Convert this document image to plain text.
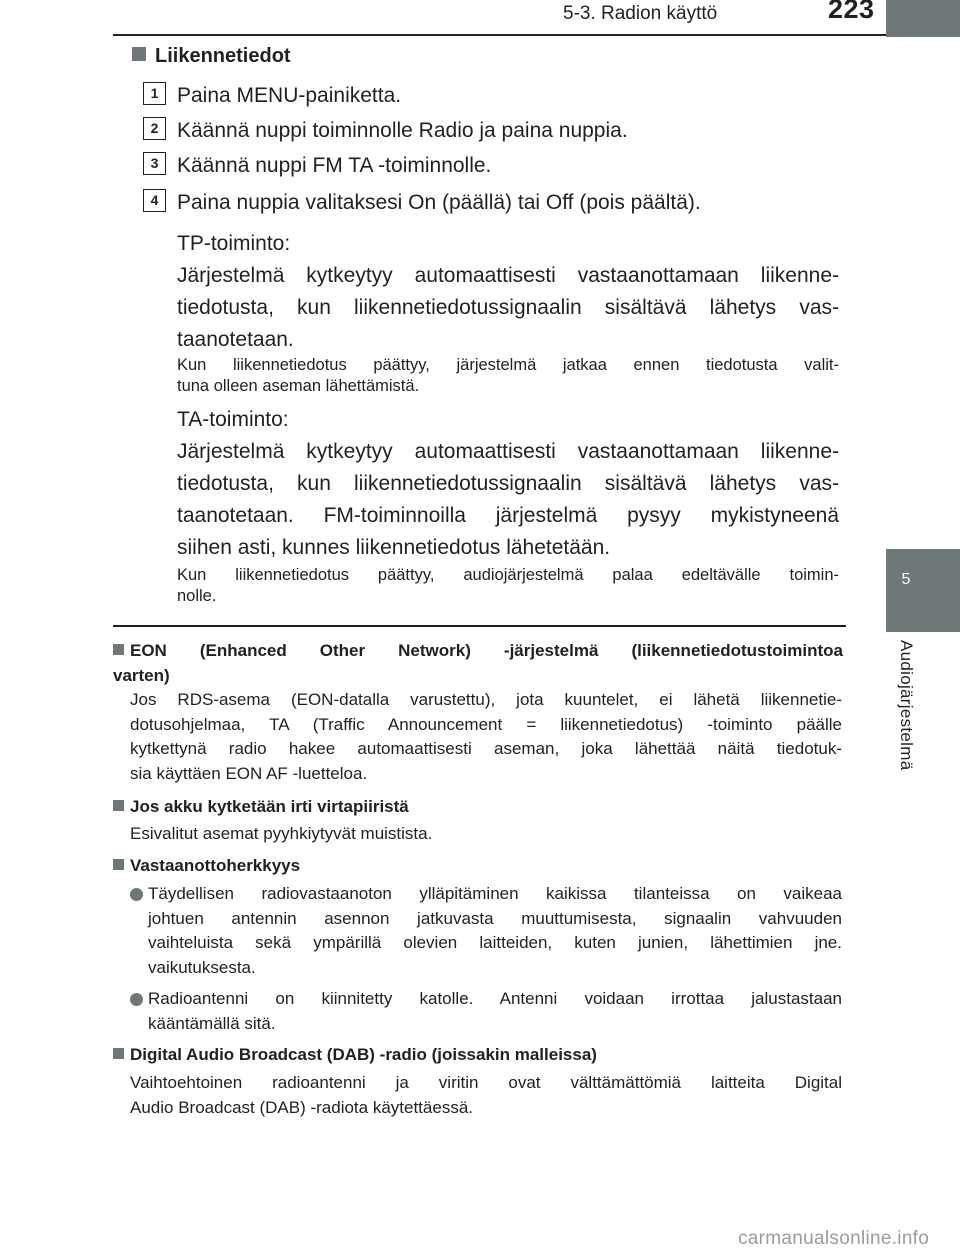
5-3. Radion käyttö	223
5
Audiojärjestelmä
Liikennetiedot
1 Paina MENU-painiketta.
2 Käännä nuppi toiminnolle Radio ja paina nuppia.
3 Käännä nuppi FM TA -toiminnolle.
4 Paina nuppia valitaksesi On (päällä) tai Off (pois päältä).
TP-toiminto:
Järjestelmä kytkeytyy automaattisesti vastaanottamaan liikenne-
tiedotusta, kun liikennetiedotussignaalin sisältävä lähetys vas-
taanotetaan.
Kun liikennetiedotus päättyy, järjestelmä jatkaa ennen tiedotusta valit-
tuna olleen aseman lähettämistä.
TA-toiminto:
Järjestelmä kytkeytyy automaattisesti vastaanottamaan liikenne-
tiedotusta, kun liikennetiedotussignaalin sisältävä lähetys vas-
taanotetaan. FM-toiminnoilla järjestelmä pysyy mykistyneenä
siihen asti, kunnes liikennetiedotus lähetetään.
Kun liikennetiedotus päättyy, audiojärjestelmä palaa edeltävälle toimin-
nolle.
EON (Enhanced Other Network) -järjestelmä (liikennetiedotustoimintoa
varten)
Jos RDS-asema (EON-datalla varustettu), jota kuuntelet, ei lähetä liikennetie-
dotusohjelmaa, TA (Traffic Announcement = liikennetiedotus) -toiminto päälle
kytkettynä radio hakee automaattisesti aseman, joka lähettää näitä tiedotuk-
sia käyttäen EON AF -luetteloa.
Jos akku kytketään irti virtapiiristä
Esivalitut asemat pyyhkiytyvät muistista.
Vastaanottoherkkyys
Täydellisen radiovastaanoton ylläpitäminen kaikissa tilanteissa on vaikeaa
johtuen antennin asennon jatkuvasta muuttumisesta, signaalin vahvuuden
vaihteluista sekä ympärillä olevien laitteiden, kuten junien, lähettimien jne.
vaikutuksesta.
Radioantenni on kiinnitetty katolle. Antenni voidaan irrottaa jalustastaan
kääntämällä sitä.
Digital Audio Broadcast (DAB) -radio (joissakin malleissa)
Vaihtoehtoinen radioantenni ja viritin ovat välttämättömiä laitteita Digital
Audio Broadcast (DAB) -radiota käytettäessä.
carmanualsonline.info
